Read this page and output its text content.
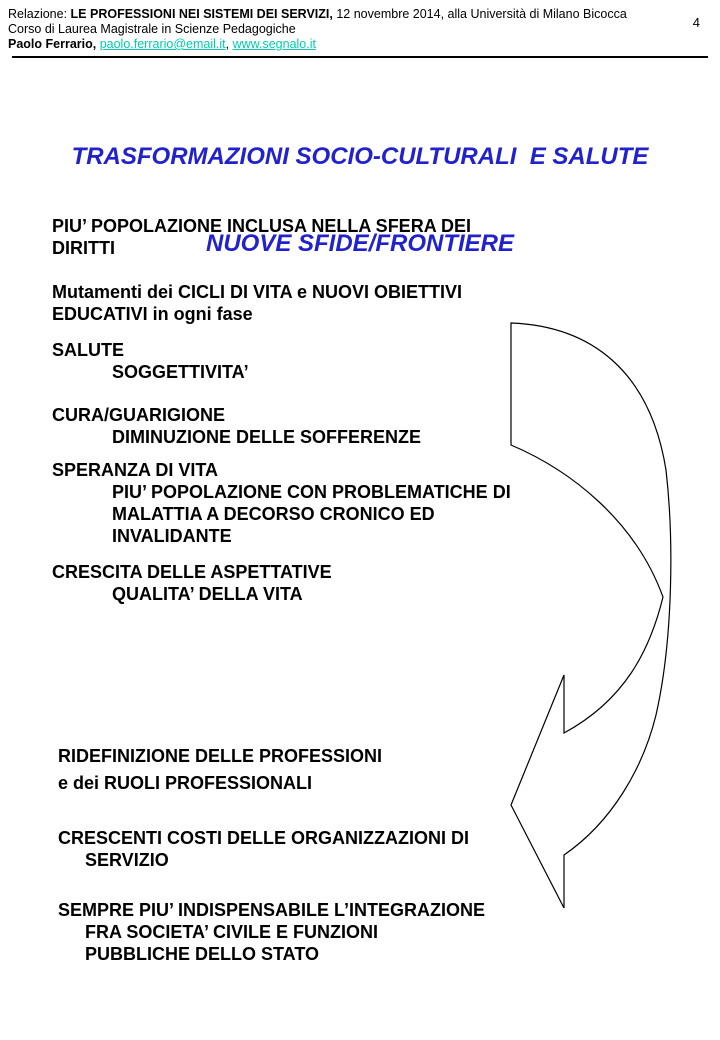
Relazione: LE PROFESSIONI NEI SISTEMI DEI SERVIZI, 12 novembre 2014, alla Università di Milano Bicocca
Corso di Laurea Magistrale in Scienze Pedagogiche
Paolo Ferrario, paolo.ferrario@email.it, www.segnalo.it
4

TRASFORMAZIONI SOCIO-CULTURALI  E SALUTE

NUOVE SFIDE/FRONTIERE

PIU’ POPOLAZIONE INCLUSA NELLA SFERA DEI
DIRITTI
Mutamenti dei CICLI DI VITA e NUOVI OBIETTIVI
EDUCATIVI in ogni fase
SALUTE
SOGGETTIVITA’
CURA/GUARIGIONE
DIMINUZIONE DELLE SOFFERENZE
SPERANZA DI VITA
PIU’ POPOLAZIONE CON PROBLEMATICHE DI
MALATTIA A DECORSO CRONICO ED
INVALIDANTE
CRESCITA DELLE ASPETTATIVE
QUALITA’ DELLA VITA
RIDEFINIZIONE DELLE PROFESSIONI
e dei RUOLI PROFESSIONALI
CRESCENTI COSTI DELLE ORGANIZZAZIONI DI
SERVIZIO
SEMPRE PIU’ INDISPENSABILE L’INTEGRAZIONE
FRA SOCIETA’ CIVILE E FUNZIONI
PUBBLICHE DELLO STATO
